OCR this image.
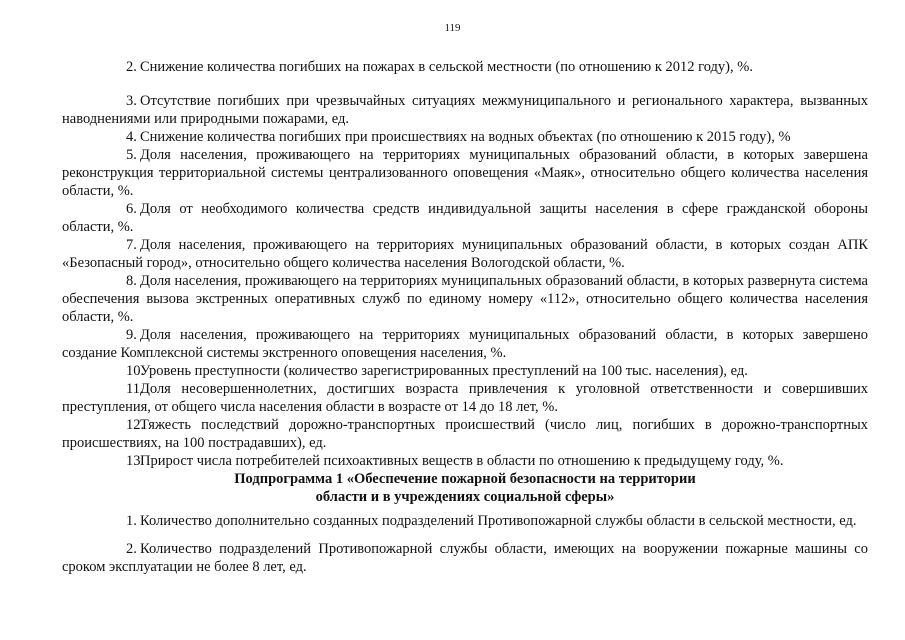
119

2. Снижение количества погибших на пожарах в сельской местности (по отношению к 2012 году), %.

3. Отсутствие погибших при чрезвычайных ситуациях межмуниципального и регионального характера, вызванных наводнениями или природными пожарами, ед.

4. Снижение количества погибших при происшествиях на водных объектах (по отношению к 2015 году), %

5. Доля населения, проживающего на территориях муниципальных образований области, в которых завершена реконструкция территориальной системы централизованного оповещения «Маяк», относительно общего количества населения области, %.

6. Доля от необходимого количества средств индивидуальной защиты населения в сфере гражданской обороны области, %.

7. Доля населения, проживающего на территориях муниципальных образований области, в которых создан АПК «Безопасный город», относительно общего количества населения Вологодской области, %.

8. Доля населения, проживающего на территориях муниципальных образований области, в которых развернута система обеспечения вызова экстренных оперативных служб по единому номеру «112», относительно общего количества населения области, %.

9. Доля населения, проживающего на территориях муниципальных образований области, в которых завершено создание Комплексной системы экстренного оповещения населения, %.

10.Уровень преступности (количество зарегистрированных преступлений на 100 тыс. населения), ед.

11.Доля несовершеннолетних, достигших возраста привлечения к уголовной ответственности и совершивших преступления, от общего числа населения области в возрасте от 14 до 18 лет, %.

12.Тяжесть последствий дорожно-транспортных происшествий (число лиц, погибших в дорожно-транспортных происшествиях, на 100 пострадавших), ед.

13.Прирост числа потребителей психоактивных веществ в области по отношению к предыдущему году, %.

Подпрограмма 1 «Обеспечение пожарной безопасности на территории
области и в учреждениях социальной сферы»

1. Количество дополнительно созданных подразделений Противопожарной службы области в сельской местности, ед.

2. Количество подразделений Противопожарной службы области, имеющих на вооружении пожарные машины со сроком эксплуатации не более 8 лет, ед.
